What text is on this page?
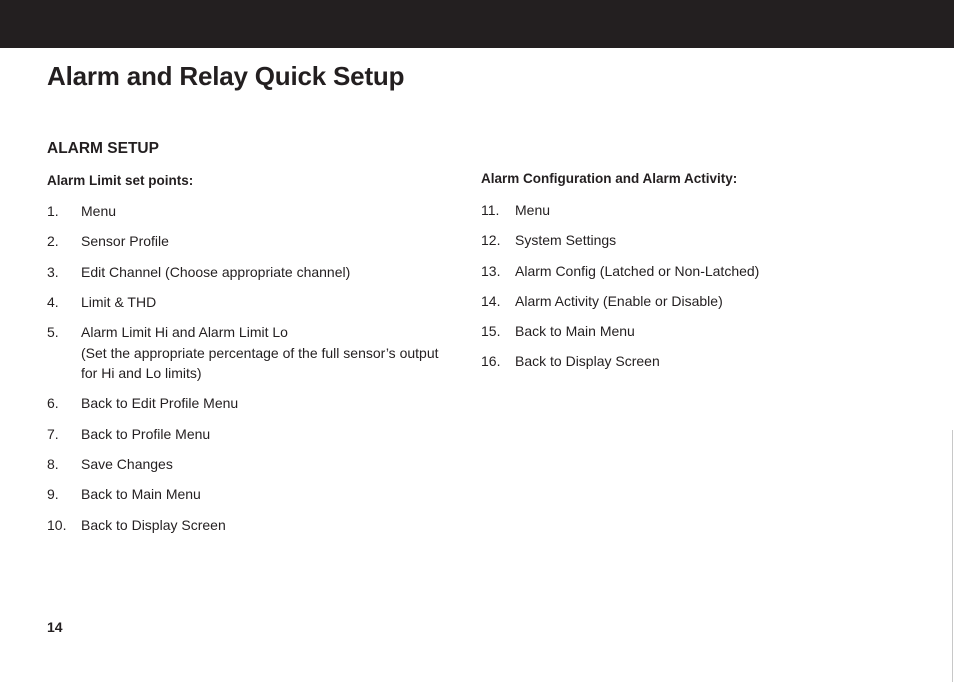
Alarm and Relay Quick Setup
ALARM SETUP
Alarm Limit set points:
1. Menu
2. Sensor Profile
3. Edit Channel (Choose appropriate channel)
4. Limit & THD
5. Alarm Limit Hi and Alarm Limit Lo
(Set the appropriate percentage of the full sensor’s output for Hi and Lo limits)
6. Back to Edit Profile Menu
7. Back to Profile Menu
8. Save Changes
9. Back to Main Menu
10. Back to Display Screen
Alarm Configuration and Alarm Activity:
11. Menu
12. System Settings
13. Alarm Config (Latched or Non-Latched)
14. Alarm Activity (Enable or Disable)
15. Back to Main Menu
16. Back to Display Screen
14
